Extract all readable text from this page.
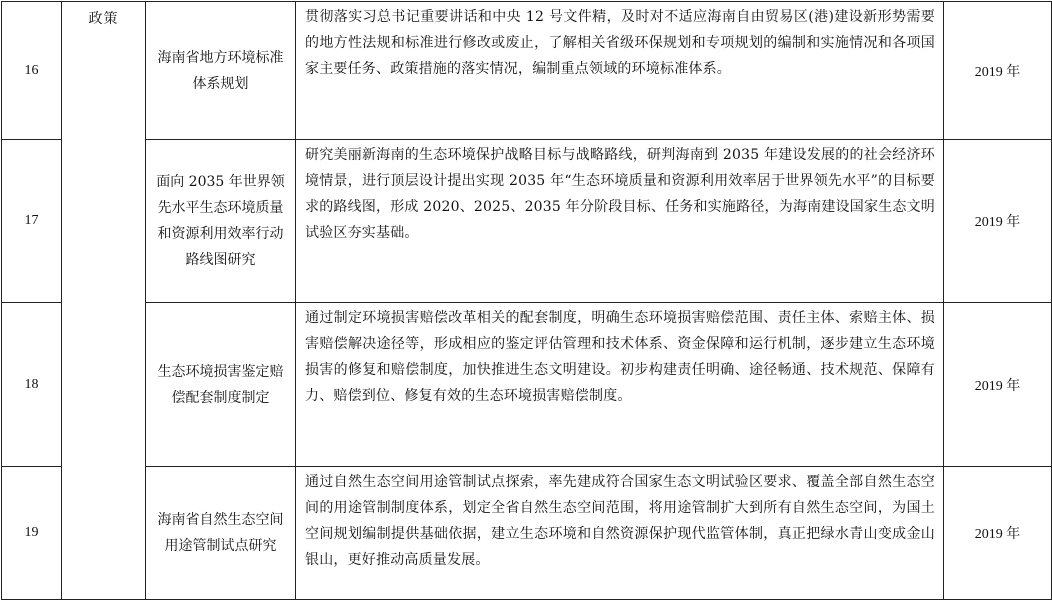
16	政策	海南省地方环境标准体系规划	贯彻落实习总书记重要讲话和中央 12 号文件精，及时对不适应海南自由贸易区(港)建设新形势需要的地方性法规和标准进行修改或废止，了解相关省级环保规划和专项规划的编制和实施情况和各项国家主要任务、政策措施的落实情况，编制重点领域的环境标准体系。	2019 年
17		面向 2035 年世界领先水平生态环境质量和资源利用效率行动路线图研究	研究美丽新海南的生态环境保护战略目标与战略路线，研判海南到 2035 年建设发展的的社会经济环境情景，进行顶层设计提出实现 2035 年“生态环境质量和资源利用效率居于世界领先水平”的目标要求的路线图，形成 2020、2025、2035 年分阶段目标、任务和实施路径，为海南建设国家生态文明试验区夯实基础。	2019 年
18		生态环境损害鉴定赔偿配套制度制定	通过制定环境损害赔偿改革相关的配套制度，明确生态环境损害赔偿范围、责任主体、索赔主体、损害赔偿解决途径等，形成相应的鉴定评估管理和技术体系、资金保障和运行机制，逐步建立生态环境损害的修复和赔偿制度，加快推进生态文明建设。初步构建责任明确、途径畅通、技术规范、保障有力、赔偿到位、修复有效的生态环境损害赔偿制度。	2019 年
19		海南省自然生态空间用途管制试点研究	通过自然生态空间用途管制试点探索，率先建成符合国家生态文明试验区要求、覆盖全部自然生态空间的用途管制制度体系，划定全省自然生态空间范围，将用途管制扩大到所有自然生态空间，为国土空间规划编制提供基础依据，建立生态环境和自然资源保护现代监管体制，真正把绿水青山变成金山银山，更好推动高质量发展。	2019 年
